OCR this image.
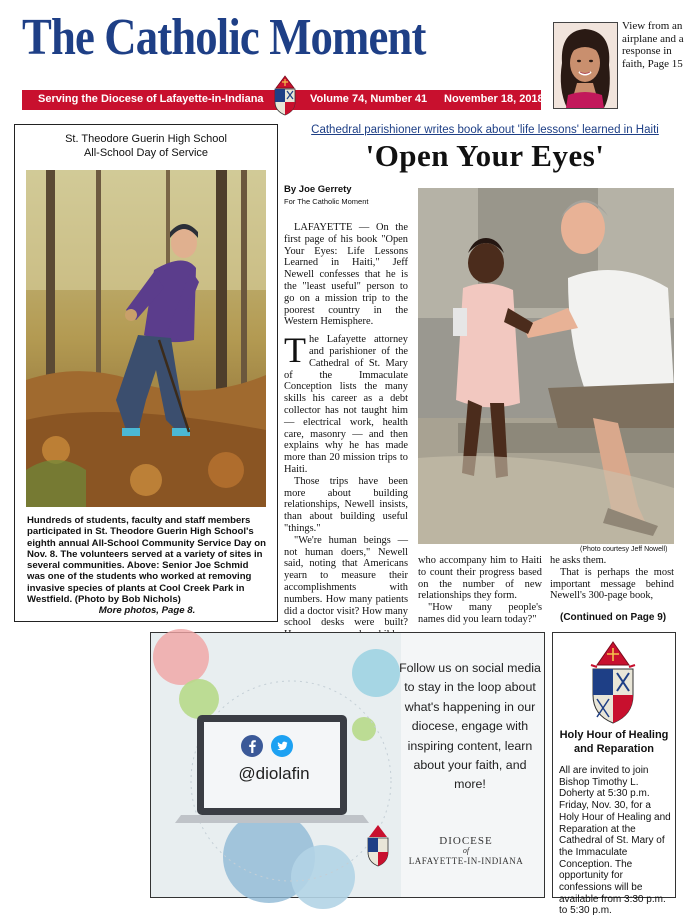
The Catholic Moment
Serving the Diocese of Lafayette-in-Indiana	Volume 74, Number 41 November 18, 2018
View from an airplane and a response in faith, Page 15
St. Theodore Guerin High School
All-School Day of Service
Hundreds of students, faculty and staff members participated in St. Theodore Guerin High School's eighth annual All-School Community Service Day on Nov. 8. The volunteers served at a variety of sites in several communities. Above: Senior Joe Schmid was one of the students who worked at removing invasive species of plants at Cool Creek Park in Westfield. (Photo by Bob Nichols)
More photos, Page 8.
Cathedral parishioner writes book about 'life lessons' learned in Haiti
'Open Your Eyes'
By Joe Gerrety
For The Catholic Moment

LAFAYETTE — On the first page of his book "Open Your Eyes: Life Lessons Learned in Haiti," Jeff Newell confesses that he is the "least useful" person to go on a mission trip to the poorest country in the Western Hemisphere.

The Lafayette attorney and parishioner of the Cathedral of St. Mary of the Immaculate Conception lists the many skills his career as a debt collector has not taught him — electrical work, health care, masonry — and then explains why he has made more than 20 mission trips to Haiti.

Those trips have been more about building relationships, Newell insists, than about building useful "things."

"We're human beings — not human doers," Newell said, noting that Americans yearn to measure their accomplishments with numbers. How many patients did a doctor visit? How many school desks were built?

(Photo courtesy Jeff Nowell)

who accompany him to Haiti to count their progress based on the number of new relationships they form.

"How many people's names did you learn today?"

he asks them.

That is perhaps the most important message behind Newell's 300-page book,

(Continued on Page 9)
@diolafin
Follow us on social media to stay in the loop about what's happening in our diocese, engage with inspiring content, learn about your faith, and more!
DIOCESE
of
LAFAYETTE-IN-INDIANA
Holy Hour of Healing and Reparation
All are invited to join Bishop Timothy L. Doherty at 5:30 p.m. Friday, Nov. 30, for a Holy Hour of Healing and Reparation at the Cathedral of St. Mary of the Immaculate Conception. The opportunity for confessions will be available from 3:30 p.m. to 5:30 p.m.
